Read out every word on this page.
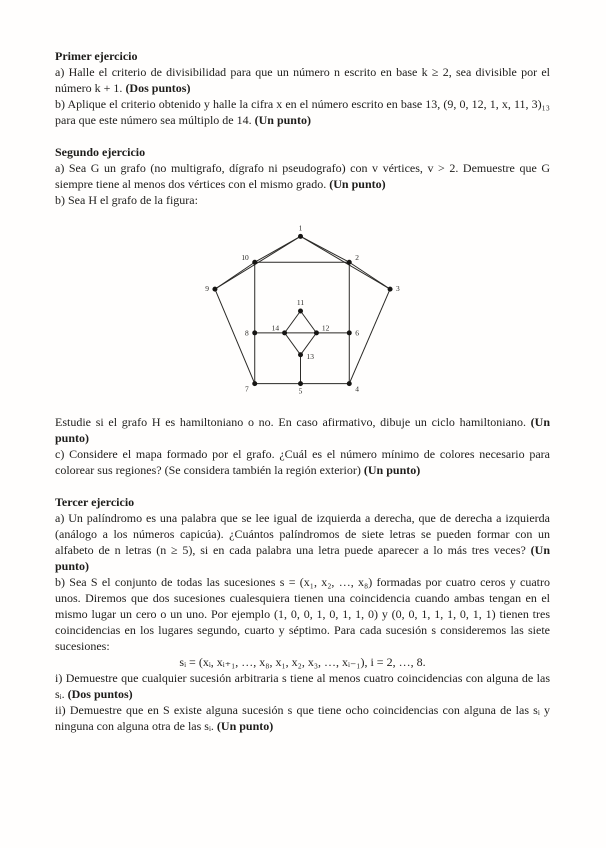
Primer ejercicio

a) Halle el criterio de divisibilidad para que un número n escrito en base k ≥ 2, sea divisible por el número k + 1. (Dos puntos)

b) Aplique el criterio obtenido y halle la cifra x en el número escrito en base 13, (9, 0, 12, 1, x, 11, 3)₁₃ para que este número sea múltiplo de 14. (Un punto)

Segundo ejercicio

a) Sea G un grafo (no multigrafo, dígrafo ni pseudografo) con v vértices, v > 2. Demuestre que G siempre tiene al menos dos vértices con el mismo grado. (Un punto)

b) Sea H el grafo de la figura:

1
10	2
9	3
11
8
14	12
6
13
7	5	4

Estudie si el grafo H es hamiltoniano o no. En caso afirmativo, dibuje un ciclo hamiltoniano. (Un punto)

c) Considere el mapa formado por el grafo. ¿Cuál es el número mínimo de colores necesario para colorear sus regiones? (Se considera también la región exterior) (Un punto)

Tercer ejercicio

a) Un palíndromo es una palabra que se lee igual de izquierda a derecha, que de derecha a izquierda (análogo a los números capicúa). ¿Cuántos palíndromos de siete letras se pueden formar con un alfabeto de n letras (n ≥ 5), si en cada palabra una letra puede aparecer a lo más tres veces? (Un punto)

b) Sea S el conjunto de todas las sucesiones s = (x₁, x₂, …, x₈) formadas por cuatro ceros y cuatro unos. Diremos que dos sucesiones cualesquiera tienen una coincidencia cuando ambas tengan en el mismo lugar un cero o un uno. Por ejemplo (1, 0, 0, 1, 0, 1, 1, 0) y (0, 0, 1, 1, 1, 0, 1, 1) tienen tres coincidencias en los lugares segundo, cuarto y séptimo. Para cada sucesión s consideremos las siete sucesiones:

sᵢ = (xᵢ, xᵢ₊₁, …, x₈, x₁, x₂, x₃, …, xᵢ₋₁), i = 2, …, 8.

i) Demuestre que cualquier sucesión arbitraria s tiene al menos cuatro coincidencias con alguna de las sᵢ. (Dos puntos)

ii) Demuestre que en S existe alguna sucesión s que tiene ocho coincidencias con alguna de las sᵢ y ninguna con alguna otra de las sᵢ. (Un punto)
